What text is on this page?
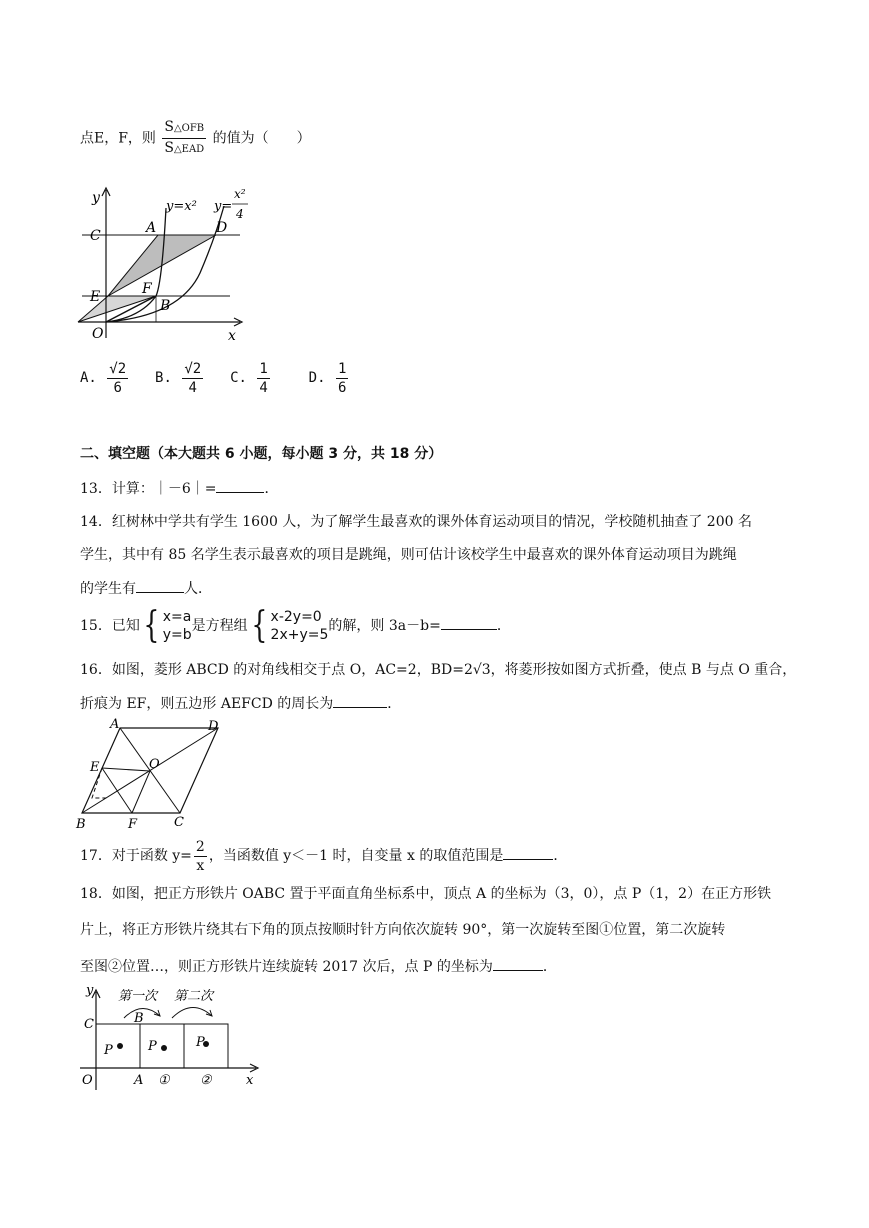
点E，F，则 $\frac{\text{S△OFB}}{\text{S△EAD}}$ 的值为（　　）
y
x
O
C
E
A	D
F
B
y=x² y=
x²
4
A. $\frac{√2}{6} B$. $\frac{√2}{4} C$. $\frac{1}{4}$	D. $\frac{1}{6}$
二、填空题（本大题共 6 小题，每小题 3 分，共 18 分）
13．计算：｜－6｜=	．
14．红树林中学共有学生 1600 人，为了解学生最喜欢的课外体育运动项目的情况，学校随机抽查了 200 名
学生，其中有 85 名学生表示最喜欢的项目是跳绳，则可估计该校学生中最喜欢的课外体育运动项目为跳绳
的学生有	人．
15．已知{ x=a
y=b
是方程组{ x-2y=0
2x+y=5
的解，则 3a－b=	．
16．如图，菱形 ABCD 的对角线相交于点 O，AC=2，BD=2√3，将菱形按如图方式折叠，使点 B 与点 O 重合，
折痕为 EF，则五边形 AEFCD 的周长为	．
A	D
E	O
B	F	C
17．对于函数 $y= \frac{2}{x}$ ，当函数值 y＜－1 时，自变量 x 的取值范围是	．
18．如图，把正方形铁片 OABC 置于平面直角坐标系中，顶点 A 的坐标为（3，0），点 P（1，2）在正方形铁
片上，将正方形铁片绕其右下角的顶点按顺时针方向依次旋转 90°，第一次旋转至图①位置，第二次旋转
至图②位置…，则正方形铁片连续旋转 2017 次后，点 P 的坐标为	．
第一次 第二次
y
C	B
P	P	P
O	A ① ②	x
